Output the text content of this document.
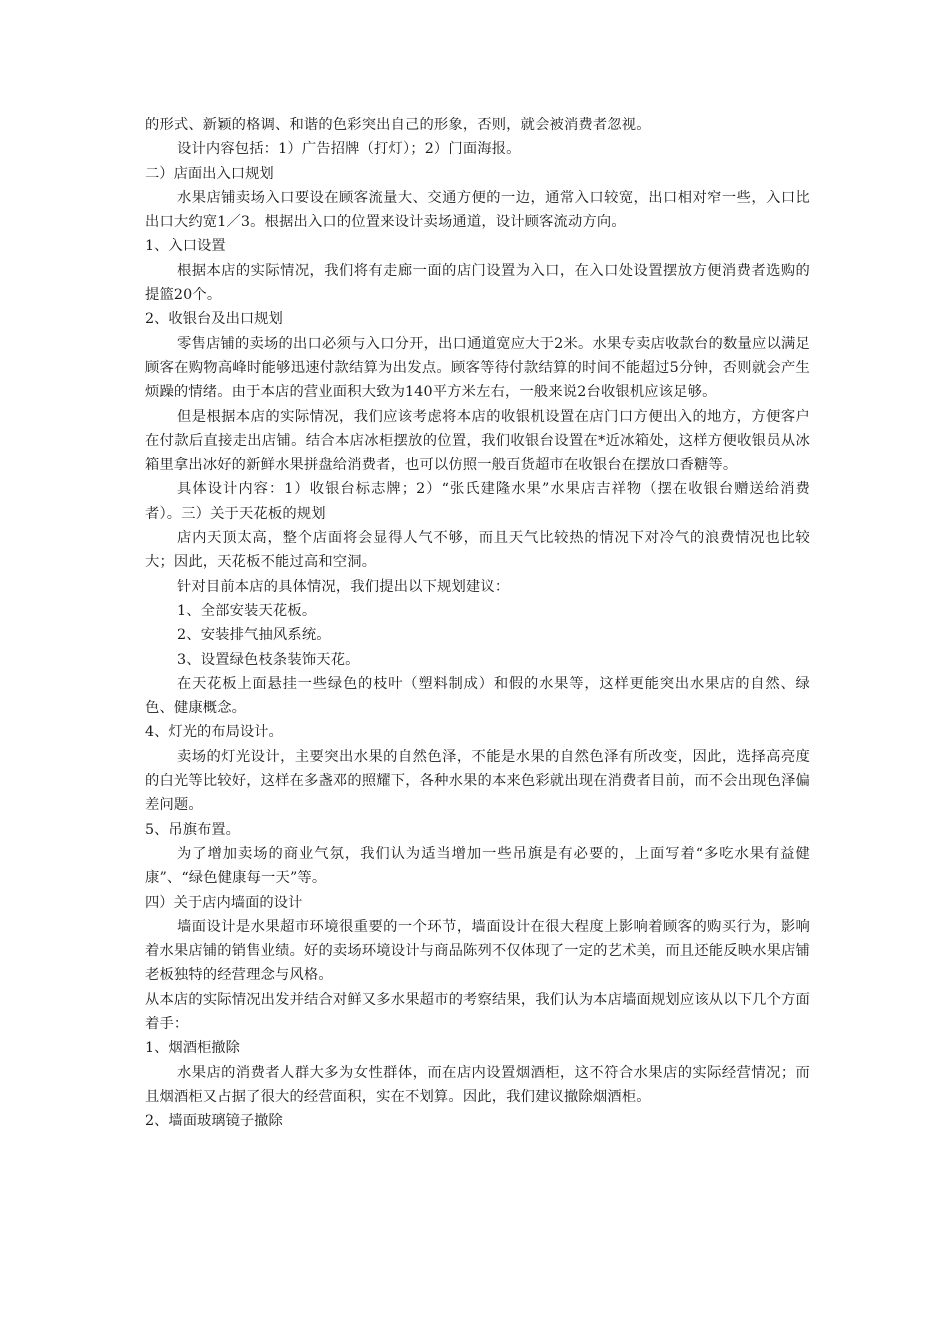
的形式、新颖的格调、和谐的色彩突出自己的形象，否则，就会被消费者忽视。

设计内容包括：1）广告招牌（打灯）；2）门面海报。

二）店面出入口规划

水果店铺卖场入口要设在顾客流量大、交通方便的一边，通常入口较宽，出口相对窄一些，入口比出口大约宽1／3。根据出入口的位置来设计卖场通道，设计顾客流动方向。

1、入口设置

根据本店的实际情况，我们将有走廊一面的店门设置为入口，在入口处设置摆放方便消费者选购的提篮20个。

2、收银台及出口规划

零售店铺的卖场的出口必须与入口分开，出口通道宽应大于2米。水果专卖店收款台的数量应以满足顾客在购物高峰时能够迅速付款结算为出发点。顾客等待付款结算的时间不能超过5分钟，否则就会产生烦躁的情绪。由于本店的营业面积大致为140平方米左右，一般来说2台收银机应该足够。

但是根据本店的实际情况，我们应该考虑将本店的收银机设置在店门口方便出入的地方，方便客户在付款后直接走出店铺。结合本店冰柜摆放的位置，我们收银台设置在*近冰箱处，这样方便收银员从冰箱里拿出冰好的新鲜水果拼盘给消费者，也可以仿照一般百货超市在收银台在摆放口香糖等。

具体设计内容：1）收银台标志牌；2）“张氏建隆水果”水果店吉祥物（摆在收银台赠送给消费者）。三）关于天花板的规划

店内天顶太高，整个店面将会显得人气不够，而且天气比较热的情况下对冷气的浪费情况也比较大；因此，天花板不能过高和空洞。

针对目前本店的具体情况，我们提出以下规划建议：

1、全部安装天花板。

2、安装排气抽风系统。

3、设置绿色枝条装饰天花。

在天花板上面悬挂一些绿色的枝叶（塑料制成）和假的水果等，这样更能突出水果店的自然、绿色、健康概念。

4、灯光的布局设计。

卖场的灯光设计，主要突出水果的自然色泽，不能是水果的自然色泽有所改变，因此，选择高亮度的白光等比较好，这样在多盏邓的照耀下，各种水果的本来色彩就出现在消费者目前，而不会出现色泽偏差问题。

5、吊旗布置。

为了增加卖场的商业气氛，我们认为适当增加一些吊旗是有必要的，上面写着“多吃水果有益健康”、“绿色健康每一天”等。

四）关于店内墙面的设计

墙面设计是水果超市环境很重要的一个环节，墙面设计在很大程度上影响着顾客的购买行为，影响着水果店铺的销售业绩。好的卖场环境设计与商品陈列不仅体现了一定的艺术美，而且还能反映水果店铺老板独特的经营理念与风格。

从本店的实际情况出发并结合对鲜又多水果超市的考察结果，我们认为本店墙面规划应该从以下几个方面着手：

1、烟酒柜撤除

水果店的消费者人群大多为女性群体，而在店内设置烟酒柜，这不符合水果店的实际经营情况；而且烟酒柜又占据了很大的经营面积，实在不划算。因此，我们建议撤除烟酒柜。

2、墙面玻璃镜子撤除
